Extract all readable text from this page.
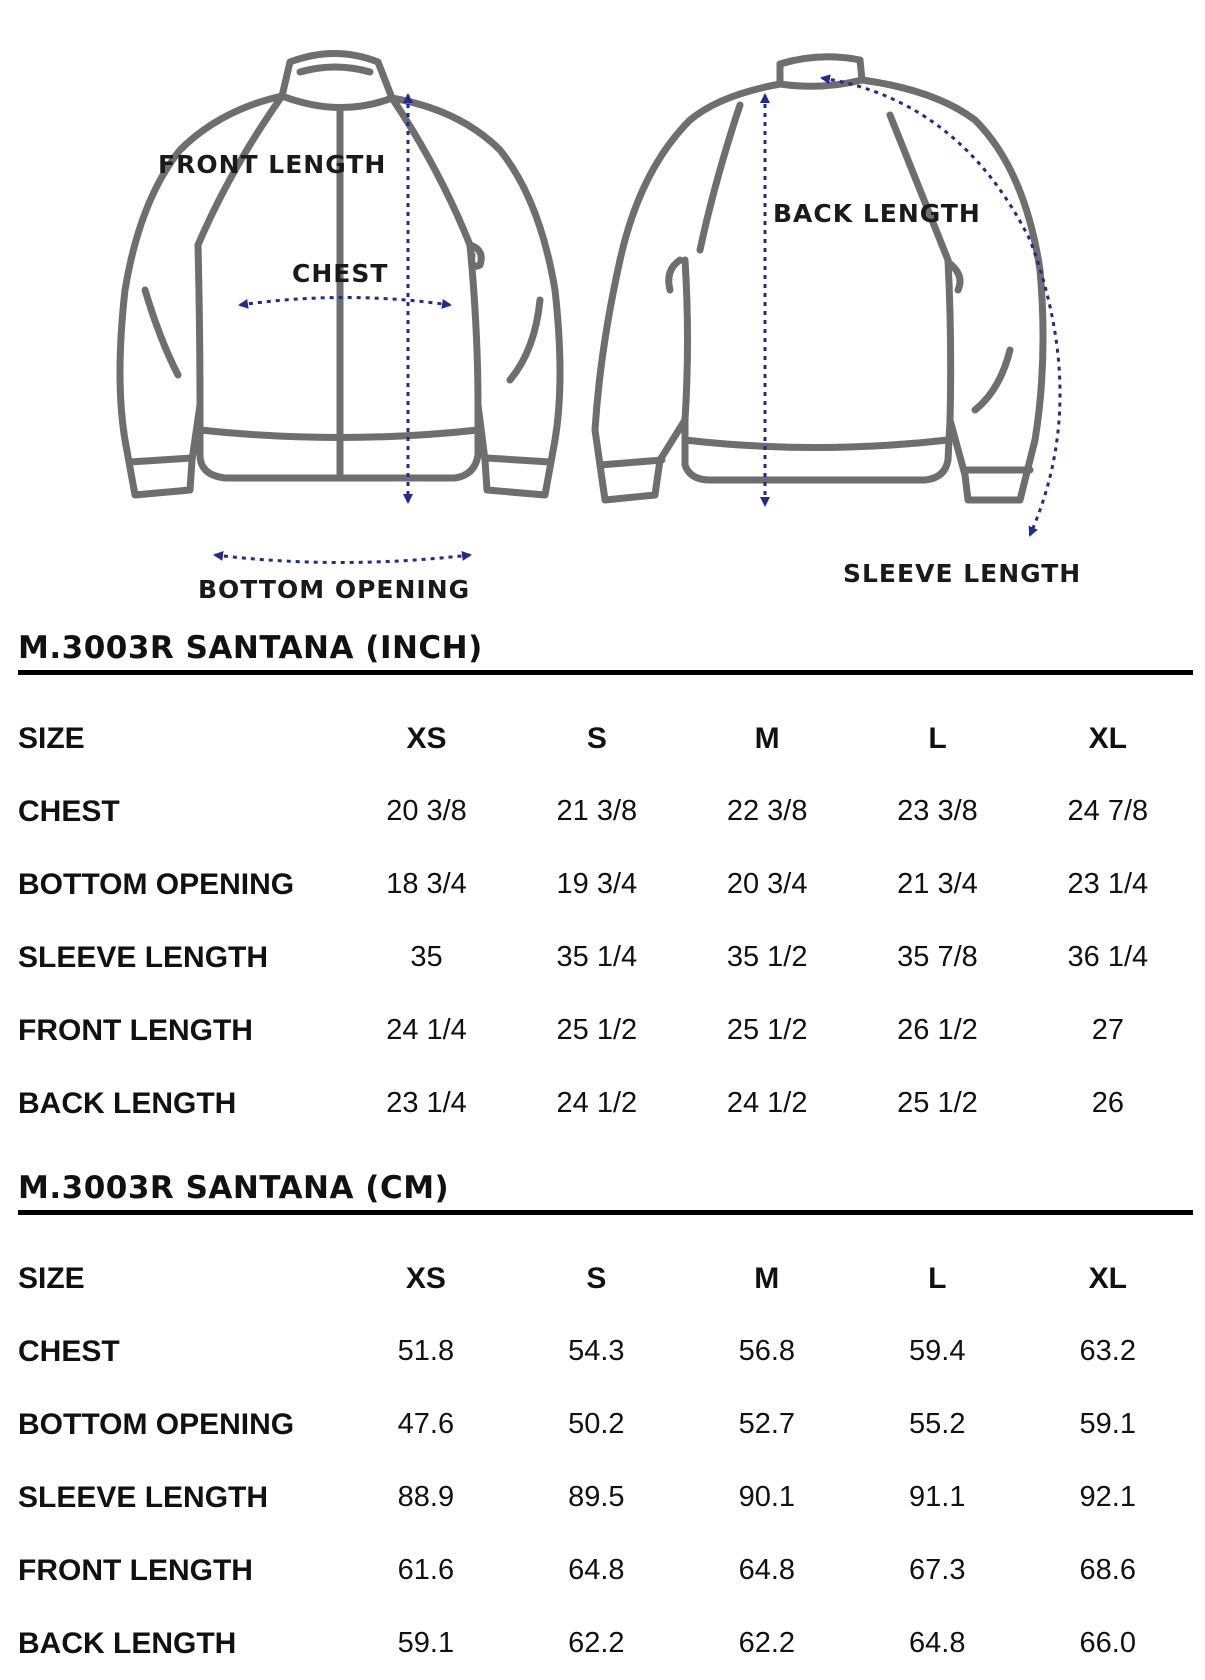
FRONT LENGTH
CHEST
BOTTOM OPENING
BACK LENGTH
SLEEVE LENGTH
M.3003R SANTANA (INCH)
SIZE	XS	S	M	L	XL
CHEST	20 3/8	21 3/8	22 3/8	23 3/8	24 7/8
BOTTOM OPENING	18 3/4	19 3/4	20 3/4	21 3/4	23 1/4
SLEEVE LENGTH	35	35 1/4	35 1/2	35 7/8	36 1/4
FRONT LENGTH	24 1/4	25 1/2	25 1/2	26 1/2	27
BACK LENGTH	23 1/4	24 1/2	24 1/2	25 1/2	26
M.3003R SANTANA (CM)
SIZE	XS	S	M	L	XL
CHEST	51.8	54.3	56.8	59.4	63.2
BOTTOM OPENING	47.6	50.2	52.7	55.2	59.1
SLEEVE LENGTH	88.9	89.5	90.1	91.1	92.1
FRONT LENGTH	61.6	64.8	64.8	67.3	68.6
BACK LENGTH	59.1	62.2	62.2	64.8	66.0
